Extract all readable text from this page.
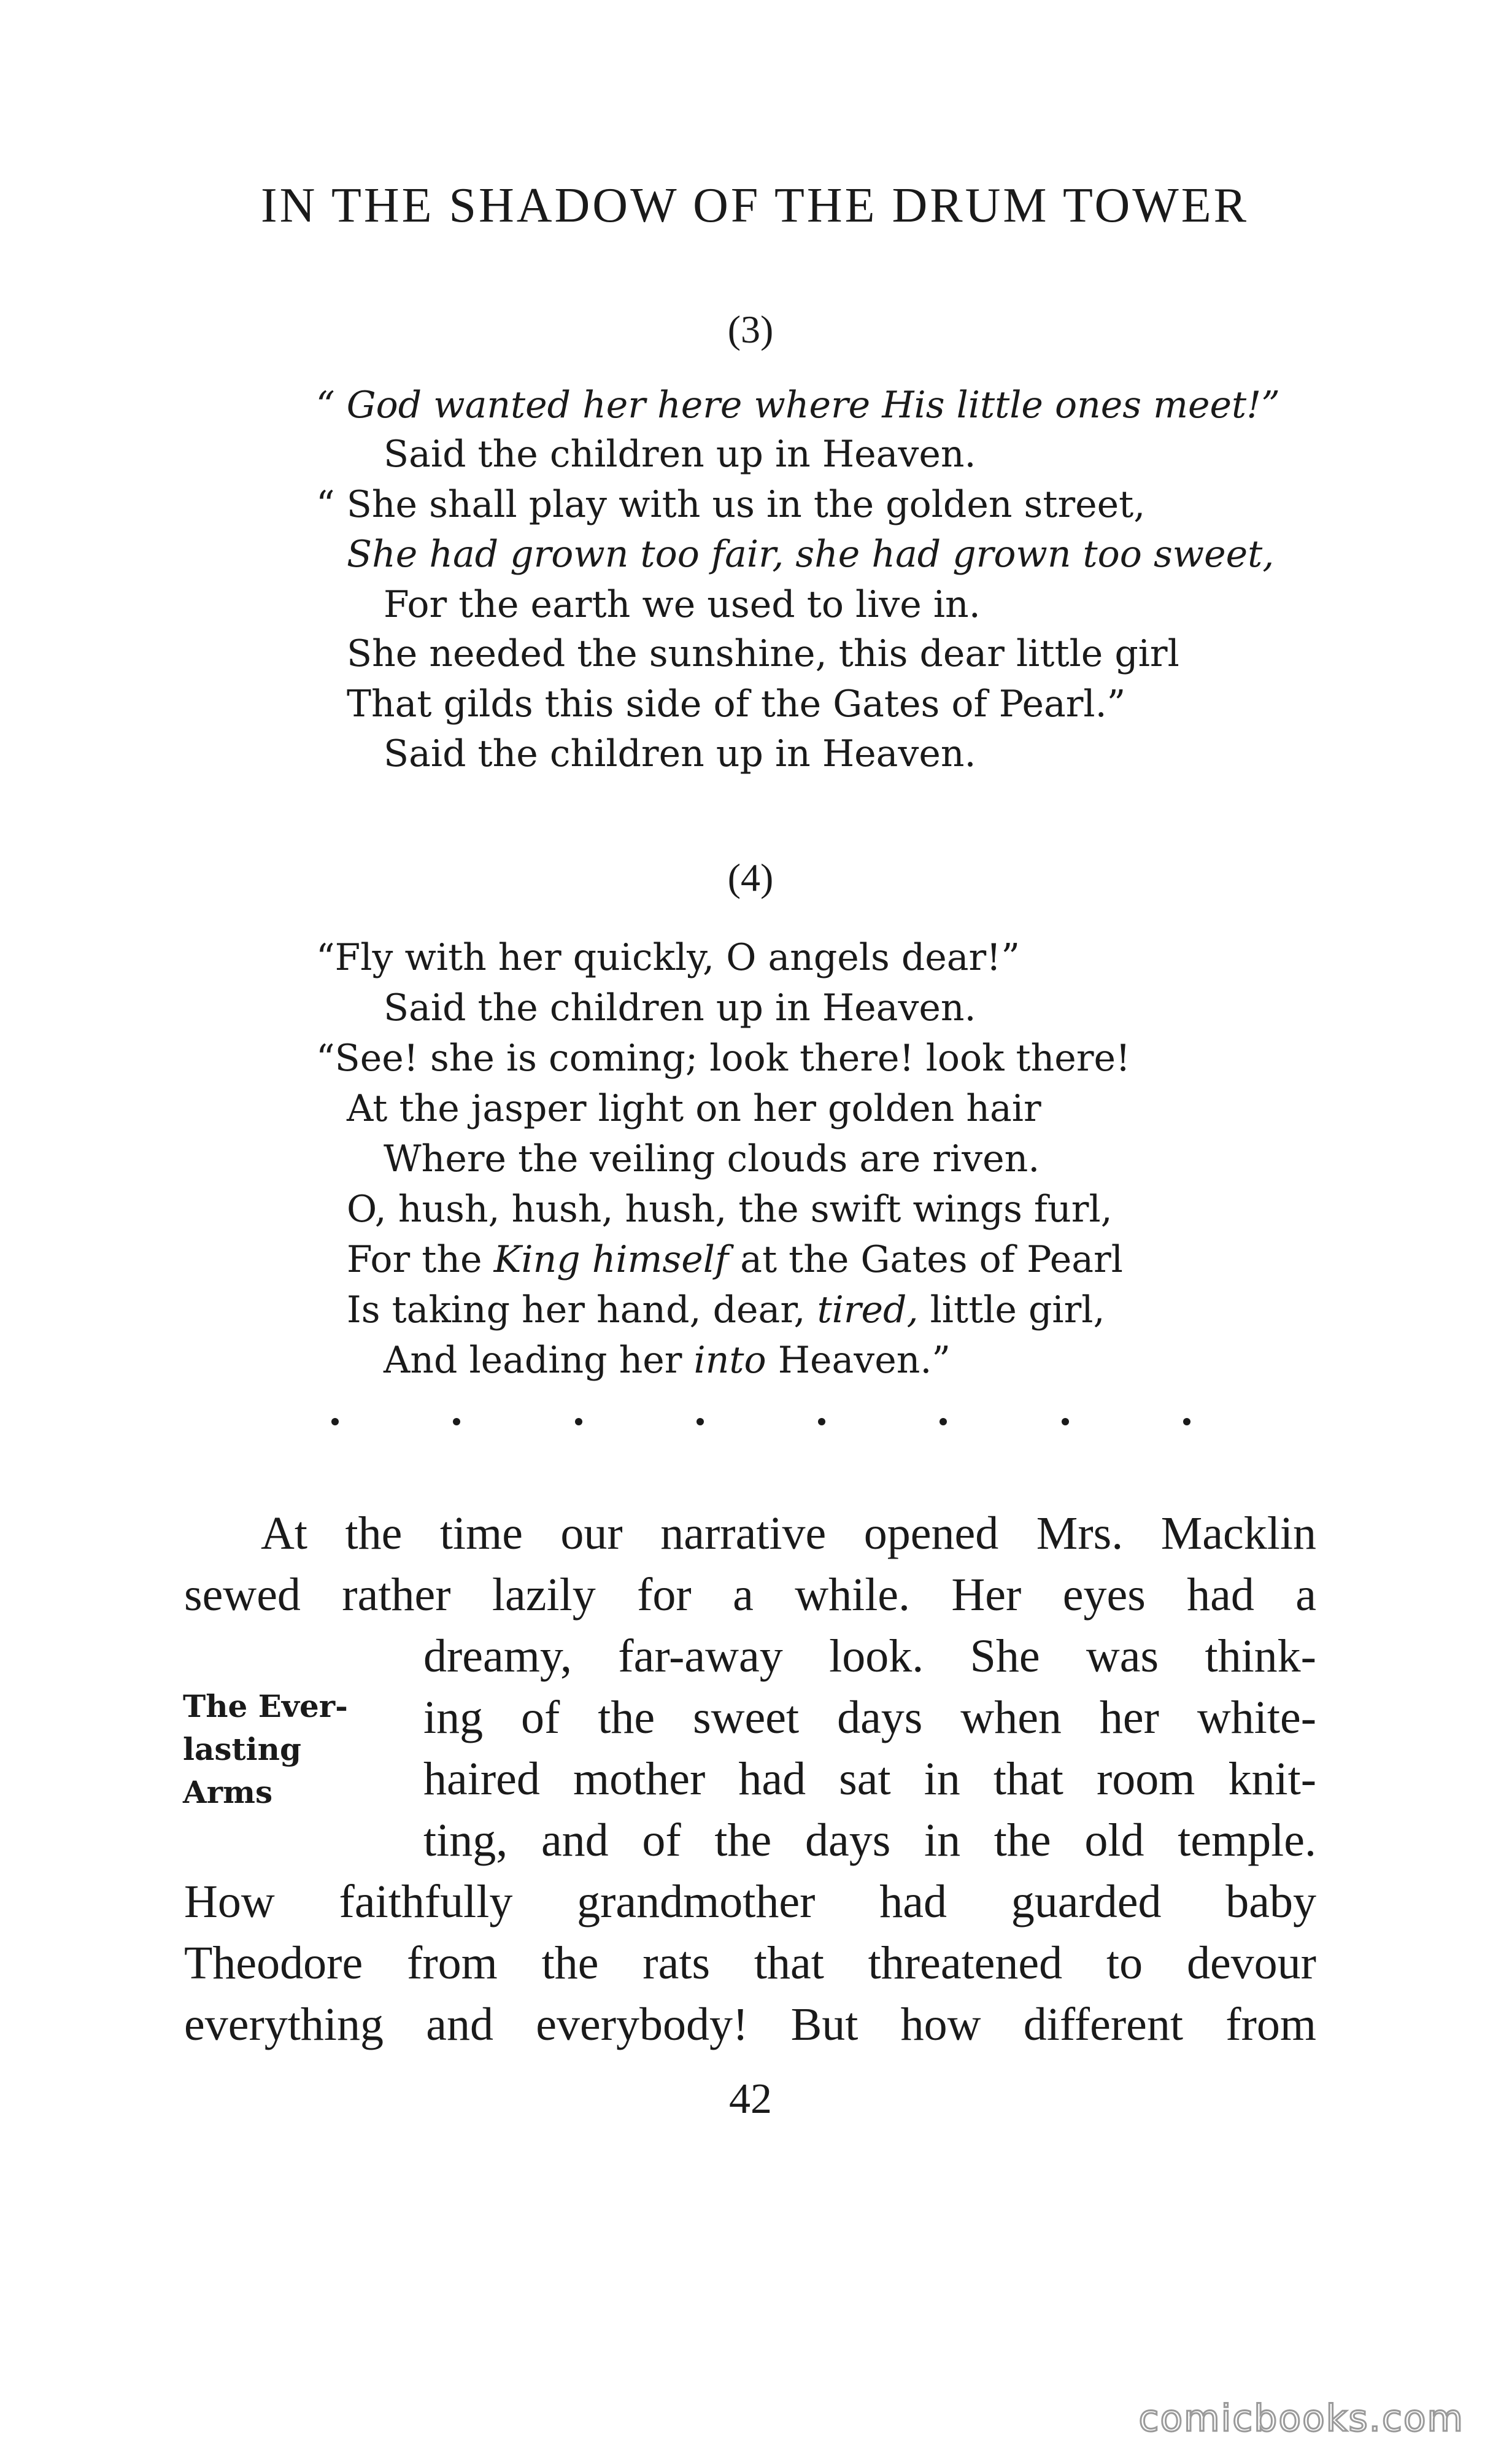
IN THE SHADOW OF THE DRUM TOWER
(3)
“ God wanted her here where His little ones meet!”
Said the children up in Heaven.
“ She shall play with us in the golden street,
She had grown too fair, she had grown too sweet,
For the earth we used to live in.
She needed the sunshine, this dear little girl
That gilds this side of the Gates of Pearl.”
Said the children up in Heaven.
(4)
“Fly with her quickly, O angels dear!”
Said the children up in Heaven.
“See! she is coming; look there! look there!
At the jasper light on her golden hair
Where the veiling clouds are riven.
O, hush, hush, hush, the swift wings furl,
For the King himself at the Gates of Pearl
Is taking her hand, dear, tired, little girl,
And leading her into Heaven.”
At the time our narrative opened Mrs. Macklin
sewed rather lazily for a while. Her eyes had a
dreamy, far-away look. She was think-
ing of the sweet days when her white-
haired mother had sat in that room knit-
ting, and of the days in the old temple.
How faithfully grandmother had guarded baby
Theodore from the rats that threatened to devour
everything and everybody! But how different from
The Ever-
lasting
Arms
42
comicbooks.com
